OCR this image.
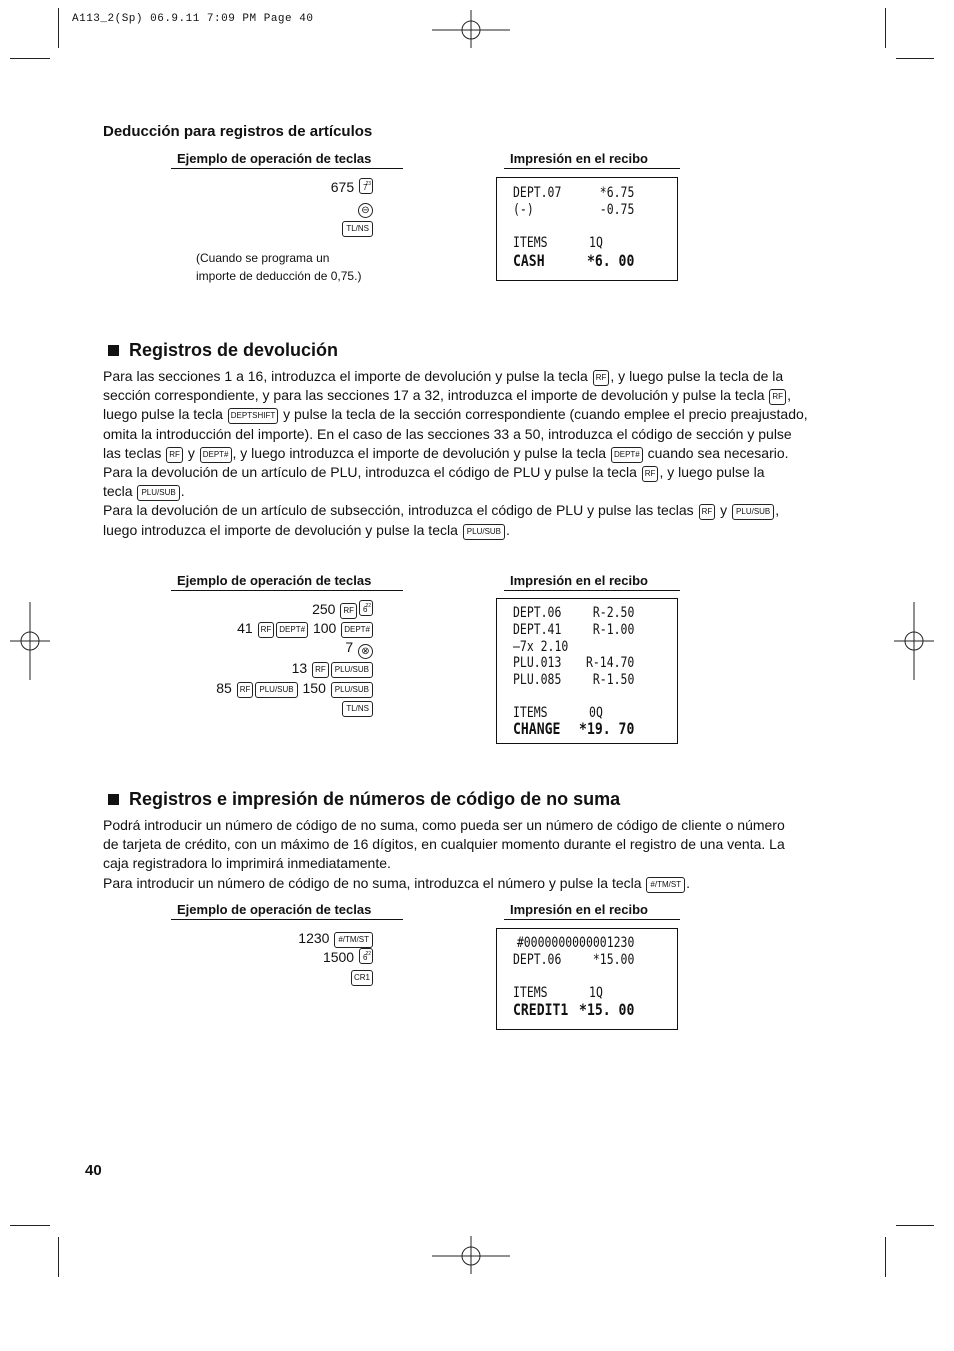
A113_2(Sp) 06.9.11 7:09 PM Page 40
Deducción para registros de artículos
Ejemplo de operación de teclas	Impresión en el recibo
675 7
23
⊖
TL/NS
(Cuando se programa un
importe de deducción de 0,75.)
DEPT.07	*6.75
(-)	-0.75
ITEMS      1Q
CASH	*6. 00
Registros de devolución
Para las secciones 1 a 16, introduzca el importe de devolución y pulse la tecla RF , y luego pulse la tecla de la
sección correspondiente, y para las secciones 17 a 32, introduzca el importe de devolución y pulse la tecla RF ,
luego pulse la tecla DEPTSHIFT y pulse la tecla de la sección correspondiente (cuando emplee el precio preajustado,
omita la introducción del importe). En el caso de las secciones 33 a 50, introduzca el código de sección y pulse
las teclas RF y DEPT# , y luego introduzca el importe de devolución y pulse la tecla DEPT# cuando sea necesario.
Para la devolución de un artículo de PLU, introduzca el código de PLU y pulse la tecla RF , y luego pulse la
tecla PLU/SUB .
Para la devolución de un artículo de subsección, introduzca el código de PLU y pulse las teclas RF y PLU/SUB ,
luego introduzca el importe de devolución y pulse la tecla PLU/SUB .
Ejemplo de operación de teclas	Impresión en el recibo
250 RF 6
22
41 RF DEPT# 100 DEPT#
7 ⊗
13 RF PLU/SUB
85 RF PLU/SUB 150 PLU/SUB
TL/NS
DEPT.06 R-2.50
DEPT.41 R-1.00
—7x 2.10
PLU.013 R-14.70
PLU.085 R-1.50
ITEMS      0Q
CHANGE *19. 70
Registros e impresión de números de código de no suma
Podrá introducir un número de código de no suma, como pueda ser un número de código de cliente o número
de tarjeta de crédito, con un máximo de 16 dígitos, en cualquier momento durante el registro de una venta. La
caja registradora lo imprimirá inmediatamente.
Para introducir un número de código de no suma, introduzca el número y pulse la tecla #/TM/ST .
Ejemplo de operación de teclas	Impresión en el recibo
1230 #/TM/ST
1500 6
22
CR1
#0000000000001230
DEPT.06 *15.00
ITEMS      1Q
CREDIT1 *15. 00
40
